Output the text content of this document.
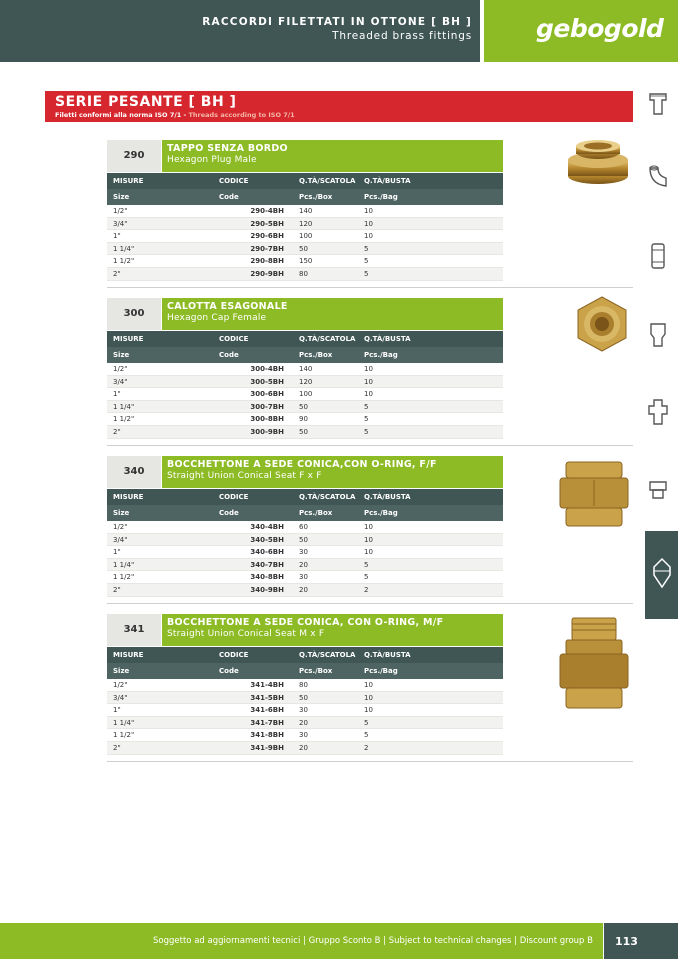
RACCORDI FILETTATI IN OTTONE [ BH ]
Threaded brass fittings	gebogold
SERIE PESANTE [ BH ]
Filetti conformi alla norma ISO 7/1 - Threads according to ISO 7/1
290
TAPPO SENZA BORDO
Hexagon Plug Male
MISURE	CODICE	Q.TÀ/SCATOLA Q.TÀ/BUSTA
Size	Code	Pcs./Box	Pcs./Bag
1/2"	290-4BH 140	10
3/4"	290-5BH 120	10
1"	290-6BH 100	10
1 1/4"	290-7BH 50	5
1 1/2"	290-8BH 150	5
2"	290-9BH 80	5
300
CALOTTA ESAGONALE
Hexagon Cap Female
MISURE	CODICE	Q.TÀ/SCATOLA Q.TÀ/BUSTA
Size	Code	Pcs./Box	Pcs./Bag
1/2"	300-4BH 140	10
3/4"	300-5BH 120	10
1"	300-6BH 100	10
1 1/4"	300-7BH 50	5
1 1/2"	300-8BH 90	5
2"	300-9BH 50	5
340
BOCCHETTONE A SEDE CONICA,CON O-RING, F/F
Straight Union Conical Seat F x F
MISURE	CODICE	Q.TÀ/SCATOLA Q.TÀ/BUSTA
Size	Code	Pcs./Box	Pcs./Bag
1/2"	340-4BH 60	10
3/4"	340-5BH 50	10
1"	340-6BH 30	10
1 1/4"	340-7BH 20	5
1 1/2"	340-8BH 30	5
2"	340-9BH 20	2
341
BOCCHETTONE A SEDE CONICA, CON O-RING, M/F
Straight Union Conical Seat M x F
MISURE	CODICE	Q.TÀ/SCATOLA Q.TÀ/BUSTA
Size	Code	Pcs./Box	Pcs./Bag
1/2"	341-4BH 80	10
3/4"	341-5BH 50	10
1"	341-6BH 30	10
1 1/4"	341-7BH 20	5
1 1/2"	341-8BH 30	5
2"	341-9BH 20	2
Soggetto ad aggiornamenti tecnici | Gruppo Sconto B | Subject to technical changes | Discount group B	113
